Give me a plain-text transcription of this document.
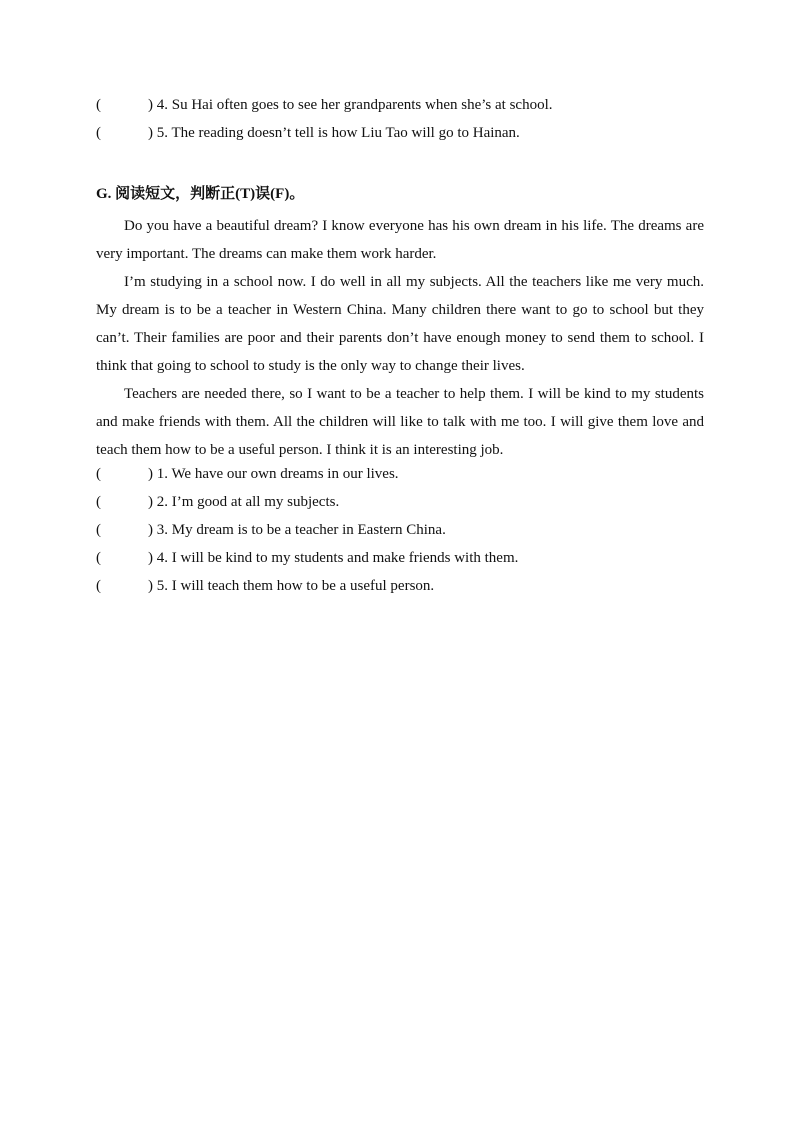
(	) 4. Su Hai often goes to see her grandparents when she’s at school.
(	) 5. The reading doesn’t tell is how Liu Tao will go to Hainan.
G. 阅读短文，判断正(T)误(F)。

Do you have a beautiful dream? I know everyone has his own dream in his life. The dreams are very important. The dreams can make them work harder.

I’m studying in a school now. I do well in all my subjects. All the teachers like me very much. My dream is to be a teacher in Western China. Many children there want to go to school but they can’t. Their families are poor and their parents don’t have enough money to send them to school. I think that going to school to study is the only way to change their lives.

Teachers are needed there, so I want to be a teacher to help them. I will be kind to my students and make friends with them. All the children will like to talk with me too. I will give them love and teach them how to be a useful person. I think it is an interesting job.

(	) 1. We have our own dreams in our lives.
(	) 2. I’m good at all my subjects.
(	) 3. My dream is to be a teacher in Eastern China.
(	) 4. I will be kind to my students and make friends with them.
(	) 5. I will teach them how to be a useful person.
